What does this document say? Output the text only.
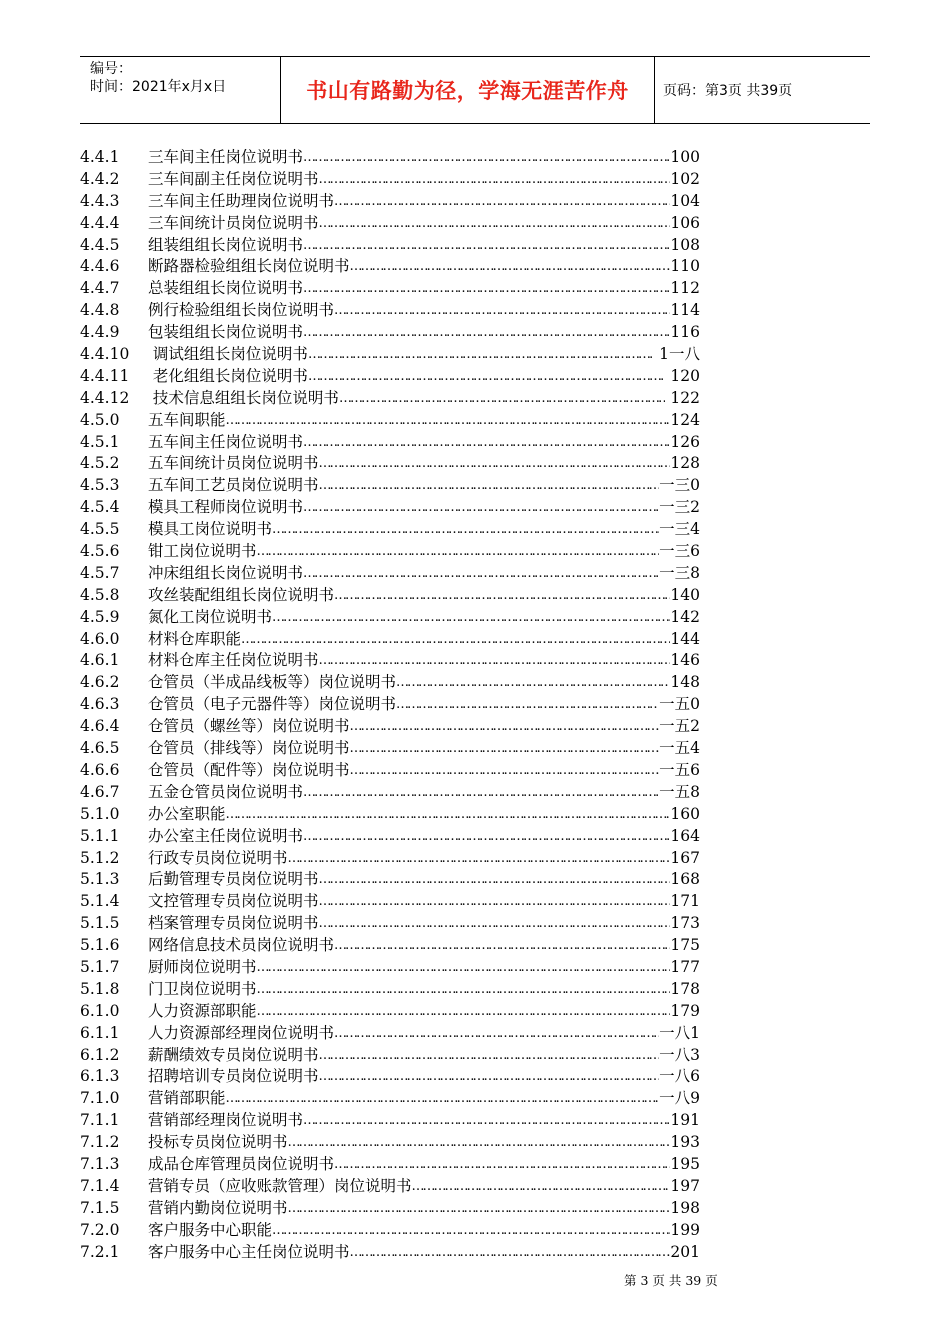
编号：
时间：2021年x月x日	书山有路勤为径，学海无涯苦作舟 页码：第3页 共39页
4.4.1	三车间主任岗位说明书 …………………………………………………………………………………………………………………………………………	100
4.4.2	三车间副主任岗位说明书 …………………………………………………………………………………………………………………………………………	102
4.4.3	三车间主任助理岗位说明书 …………………………………………………………………………………………………………………………………………	104
4.4.4	三车间统计员岗位说明书 …………………………………………………………………………………………………………………………………………	106
4.4.5	组装组组长岗位说明书 …………………………………………………………………………………………………………………………………………	108
4.4.6	断路器检验组组长岗位说明书 …………………………………………………………………………………………………………………………………………	110
4.4.7	总装组组长岗位说明书 …………………………………………………………………………………………………………………………………………	112
4.4.8	例行检验组组长岗位说明书 …………………………………………………………………………………………………………………………………………	114
4.4.9	包装组组长岗位说明书 …………………………………………………………………………………………………………………………………………	116
4.4.10	调试组组长岗位说明书 …………………………………………………………………………………………………………………………………………	1一八
4.4.11	老化组组长岗位说明书 …………………………………………………………………………………………………………………………………………	120
4.4.12	技术信息组组长岗位说明书 …………………………………………………………………………………………………………………………………………	122
4.5.0	五车间职能 …………………………………………………………………………………………………………………………………………	124
4.5.1	五车间主任岗位说明书 …………………………………………………………………………………………………………………………………………	126
4.5.2	五车间统计员岗位说明书 …………………………………………………………………………………………………………………………………………	128
4.5.3	五车间工艺员岗位说明书 …………………………………………………………………………………………………………………………………………	一三0
4.5.4	模具工程师岗位说明书 …………………………………………………………………………………………………………………………………………	一三2
4.5.5	模具工岗位说明书 …………………………………………………………………………………………………………………………………………	一三4
4.5.6	钳工岗位说明书 …………………………………………………………………………………………………………………………………………	一三6
4.5.7	冲床组组长岗位说明书 …………………………………………………………………………………………………………………………………………	一三8
4.5.8	攻丝装配组组长岗位说明书 …………………………………………………………………………………………………………………………………………	140
4.5.9	氮化工岗位说明书 …………………………………………………………………………………………………………………………………………	142
4.6.0	材料仓库职能 …………………………………………………………………………………………………………………………………………	144
4.6.1	材料仓库主任岗位说明书 …………………………………………………………………………………………………………………………………………	146
4.6.2	仓管员（半成品线板等）岗位说明书 …………………………………………………………………………………………………………………………………………	148
4.6.3	仓管员（电子元器件等）岗位说明书 …………………………………………………………………………………………………………………………………………	一五0
4.6.4	仓管员（螺丝等）岗位说明书 …………………………………………………………………………………………………………………………………………	一五2
4.6.5	仓管员（排线等）岗位说明书 …………………………………………………………………………………………………………………………………………	一五4
4.6.6	仓管员（配件等）岗位说明书 …………………………………………………………………………………………………………………………………………	一五6
4.6.7	五金仓管员岗位说明书 …………………………………………………………………………………………………………………………………………	一五8
5.1.0	办公室职能 …………………………………………………………………………………………………………………………………………	160
5.1.1	办公室主任岗位说明书 …………………………………………………………………………………………………………………………………………	164
5.1.2	行政专员岗位说明书 …………………………………………………………………………………………………………………………………………	167
5.1.3	后勤管理专员岗位说明书 …………………………………………………………………………………………………………………………………………	168
5.1.4	文控管理专员岗位说明书 …………………………………………………………………………………………………………………………………………	171
5.1.5	档案管理专员岗位说明书 …………………………………………………………………………………………………………………………………………	173
5.1.6	网络信息技术员岗位说明书 …………………………………………………………………………………………………………………………………………	175
5.1.7	厨师岗位说明书 …………………………………………………………………………………………………………………………………………	177
5.1.8	门卫岗位说明书 …………………………………………………………………………………………………………………………………………	178
6.1.0	人力资源部职能 …………………………………………………………………………………………………………………………………………	179
6.1.1	人力资源部经理岗位说明书 …………………………………………………………………………………………………………………………………………	一八1
6.1.2	薪酬绩效专员岗位说明书 …………………………………………………………………………………………………………………………………………	一八3
6.1.3	招聘培训专员岗位说明书 …………………………………………………………………………………………………………………………………………	一八6
7.1.0	营销部职能 …………………………………………………………………………………………………………………………………………	一八9
7.1.1	营销部经理岗位说明书 …………………………………………………………………………………………………………………………………………	191
7.1.2	投标专员岗位说明书 …………………………………………………………………………………………………………………………………………	193
7.1.3	成品仓库管理员岗位说明书 …………………………………………………………………………………………………………………………………………	195
7.1.4	营销专员（应收账款管理）岗位说明书 …………………………………………………………………………………………………………………………………………	197
7.1.5	营销内勤岗位说明书 …………………………………………………………………………………………………………………………………………	198
7.2.0	客户服务中心职能 …………………………………………………………………………………………………………………………………………	199
7.2.1	客户服务中心主任岗位说明书 …………………………………………………………………………………………………………………………………………	201
第 3 页 共 39 页
